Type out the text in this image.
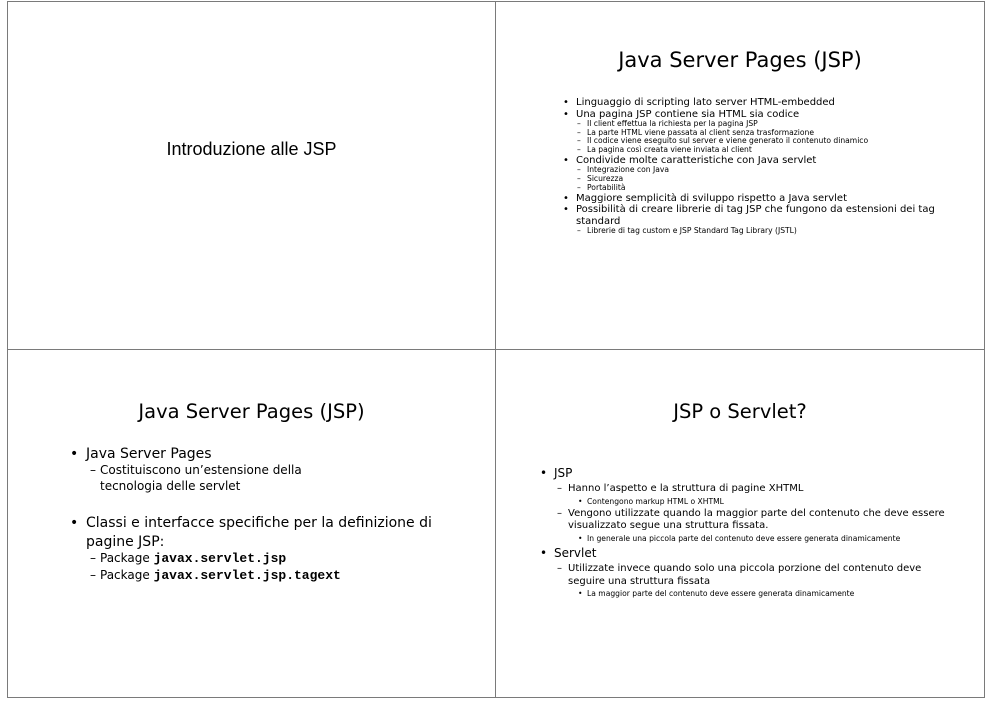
Introduzione alle JSP
Java Server Pages (JSP)
• Linguaggio di scripting lato server HTML-embedded
• Una pagina JSP contiene sia HTML sia codice
– Il client effettua la richiesta per la pagina JSP
– La parte HTML viene passata al client senza trasformazione
– Il codice viene eseguito sul server e viene generato il contenuto dinamico
– La pagina così creata viene inviata al client
• Condivide molte caratteristiche con Java servlet
– Integrazione con Java
– Sicurezza
– Portabilità
• Maggiore semplicità di sviluppo rispetto a Java servlet
• Possibilità di creare librerie di tag JSP che fungono da estensioni dei tag standard
– Librerie di tag custom e JSP Standard Tag Library (JSTL)
Java Server Pages (JSP)
• Java Server Pages
– Costituiscono un’estensione della tecnologia delle servlet
• Classi e interfacce specifiche per la definizione di pagine JSP:
– Package javax.servlet.jsp
– Package javax.servlet.jsp.tagext
JSP o Servlet?
• JSP
– Hanno l’aspetto e la struttura di pagine XHTML
• Contengono markup HTML o XHTML
– Vengono utilizzate quando la maggior parte del contenuto che deve essere visualizzato segue una struttura fissata.
• In generale una piccola parte del contenuto deve essere generata dinamicamente
• Servlet
– Utilizzate invece quando solo una piccola porzione del contenuto deve seguire una struttura fissata
• La maggior parte del contenuto deve essere generata dinamicamente
